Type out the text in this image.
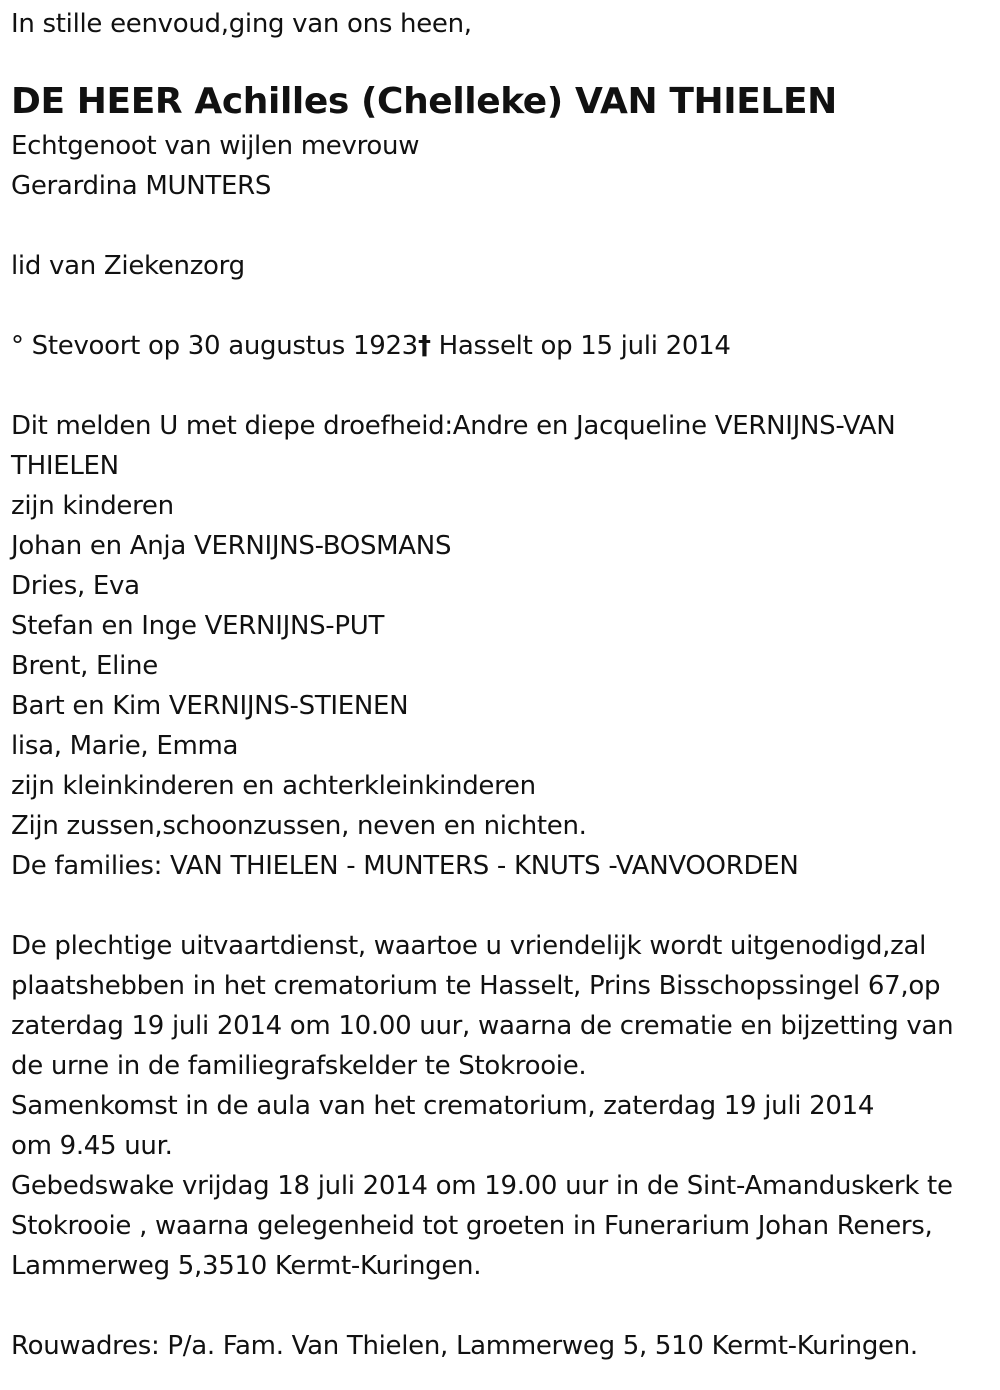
In stille eenvoud,ging van ons heen,
DE HEER Achilles (Chelleke) VAN THIELEN
Echtgenoot van wijlen mevrouw
Gerardina MUNTERS
lid van Ziekenzorg
° Stevoort op 30 augustus 1923† Hasselt op 15 juli 2014
Dit melden U met diepe droefheid:Andre en Jacqueline VERNIJNS-VAN
THIELEN
zijn kinderen
Johan en Anja VERNIJNS-BOSMANS
Dries, Eva
Stefan en Inge VERNIJNS-PUT
Brent, Eline
Bart en Kim VERNIJNS-STIENEN
lisa, Marie, Emma
zijn kleinkinderen en achterkleinkinderen
Zijn zussen,schoonzussen, neven en nichten.
De families: VAN THIELEN - MUNTERS - KNUTS -VANVOORDEN
De plechtige uitvaartdienst, waartoe u vriendelijk wordt uitgenodigd,zal
plaatshebben in het crematorium te Hasselt, Prins Bisschopssingel 67,op
zaterdag 19 juli 2014 om 10.00 uur, waarna de crematie en bijzetting van
de urne in de familiegrafskelder te Stokrooie.
Samenkomst in de aula van het crematorium, zaterdag 19 juli 2014
om 9.45 uur.
Gebedswake vrijdag 18 juli 2014 om 19.00 uur in de Sint-Amanduskerk te
Stokrooie , waarna gelegenheid tot groeten in Funerarium Johan Reners,
Lammerweg 5,3510 Kermt-Kuringen.
Rouwadres: P/a. Fam. Van Thielen, Lammerweg 5, 510 Kermt-Kuringen.
